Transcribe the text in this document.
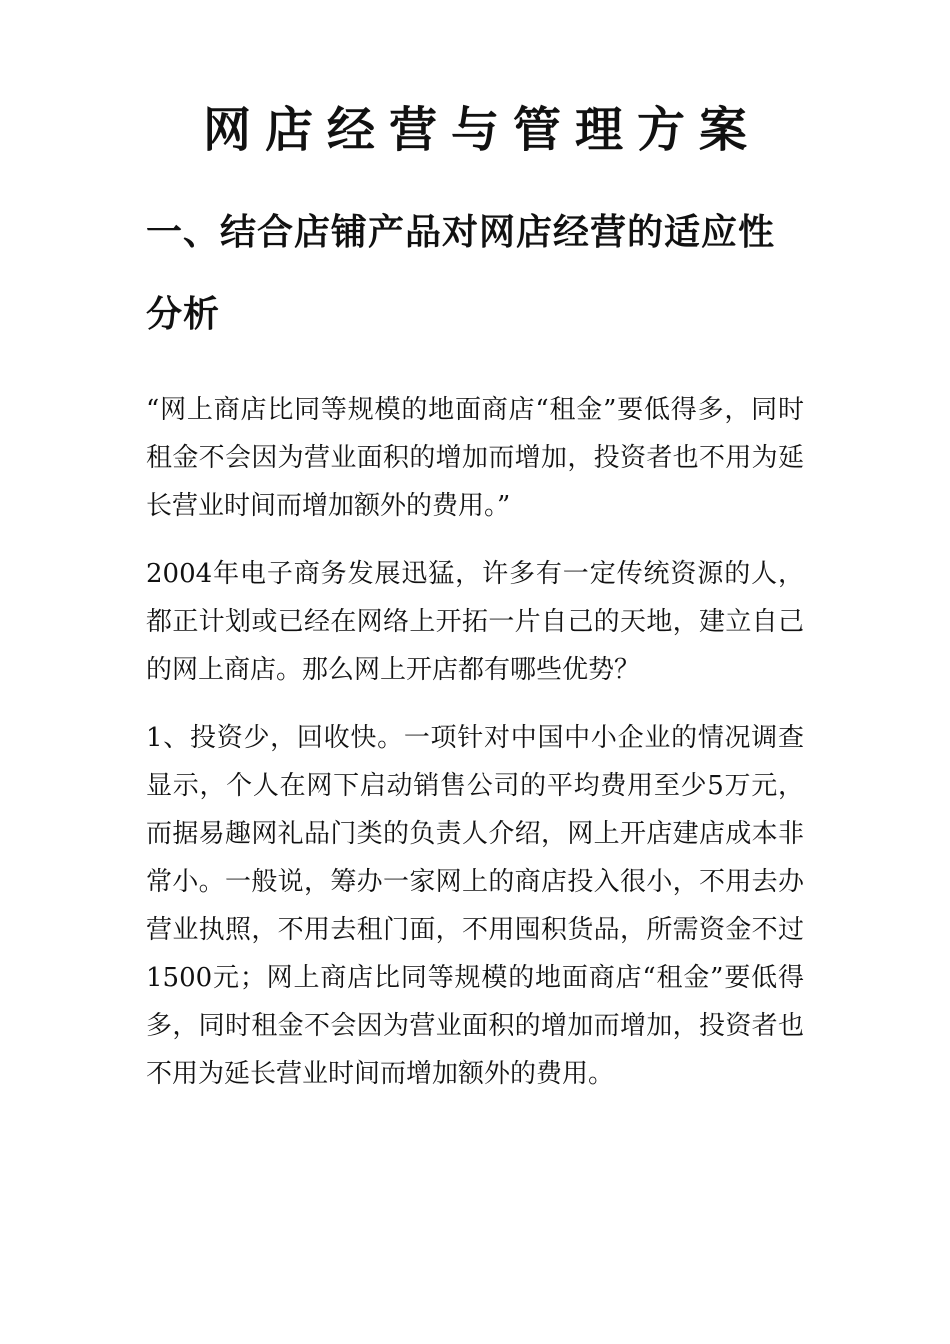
网店经营与管理方案
一、结合店铺产品对网店经营的适应性分析

“网上商店比同等规模的地面商店“租金”要低得多，同时租金不会因为营业面积的增加而增加，投资者也不用为延长营业时间而增加额外的费用。”

2004年电子商务发展迅猛，许多有一定传统资源的人，都正计划或已经在网络上开拓一片自己的天地，建立自己的网上商店。那么网上开店都有哪些优势？

1、投资少，回收快。一项针对中国中小企业的情况调查显示，个人在网下启动销售公司的平均费用至少5万元，而据易趣网礼品门类的负责人介绍，网上开店建店成本非常小。一般说，筹办一家网上的商店投入很小，不用去办营业执照，不用去租门面，不用囤积货品，所需资金不过1500元；网上商店比同等规模的地面商店“租金”要低得多，同时租金不会因为营业面积的增加而增加，投资者也不用为延长营业时间而增加额外的费用。
